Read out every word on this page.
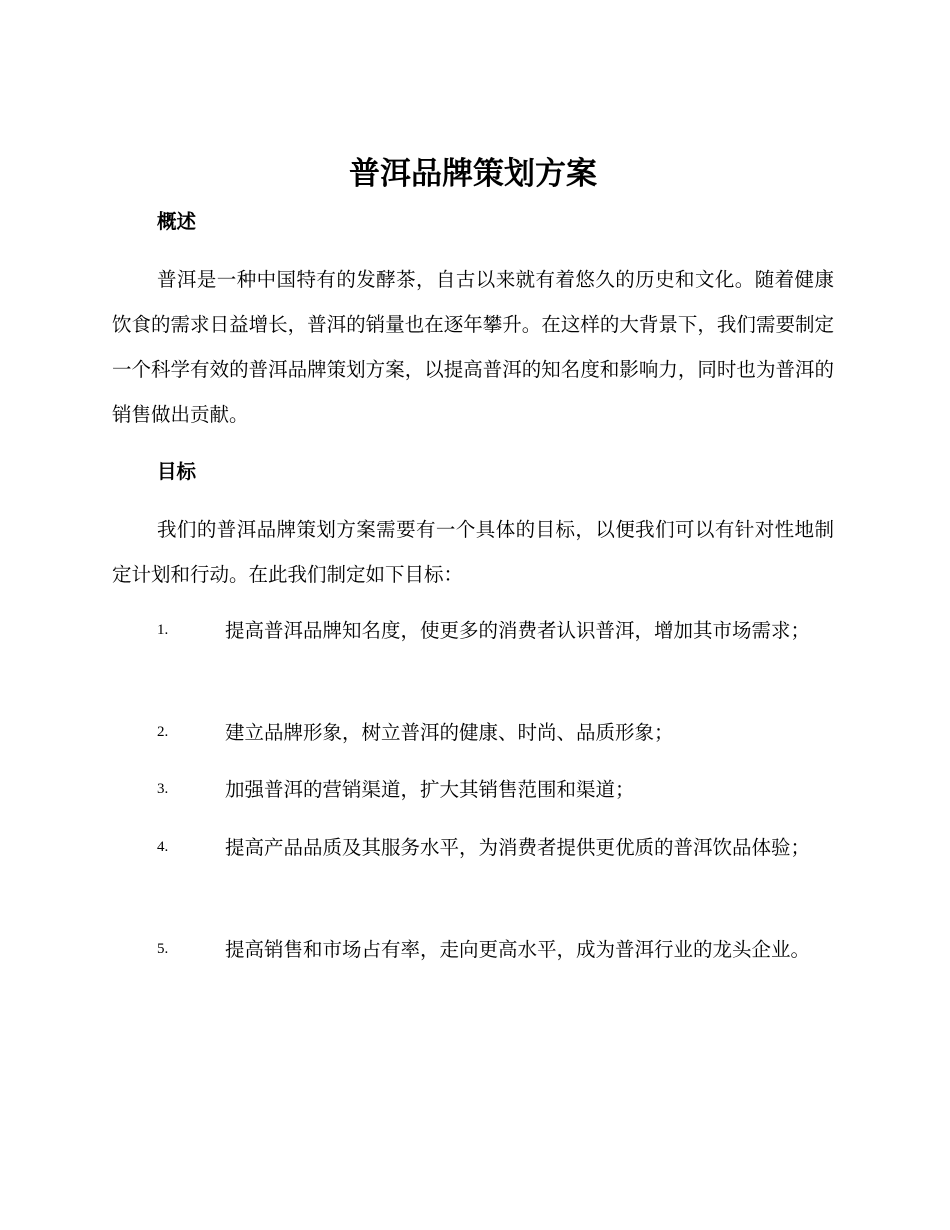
普洱品牌策划方案
概述

普洱是一种中国特有的发酵茶，自古以来就有着悠久的历史和文化。随着健康饮食的需求日益增长，普洱的销量也在逐年攀升。在这样的大背景下，我们需要制定一个科学有效的普洱品牌策划方案，以提高普洱的知名度和影响力，同时也为普洱的销售做出贡献。

目标

我们的普洱品牌策划方案需要有一个具体的目标，以便我们可以有针对性地制定计划和行动。在此我们制定如下目标：

1.	提高普洱品牌知名度，使更多的消费者认识普洱，增加其市场需求；

2.	建立品牌形象，树立普洱的健康、时尚、品质形象；

3.	加强普洱的营销渠道，扩大其销售范围和渠道；

4.	提高产品品质及其服务水平，为消费者提供更优质的普洱饮品体验；

5.	提高销售和市场占有率，走向更高水平，成为普洱行业的龙头企业。
